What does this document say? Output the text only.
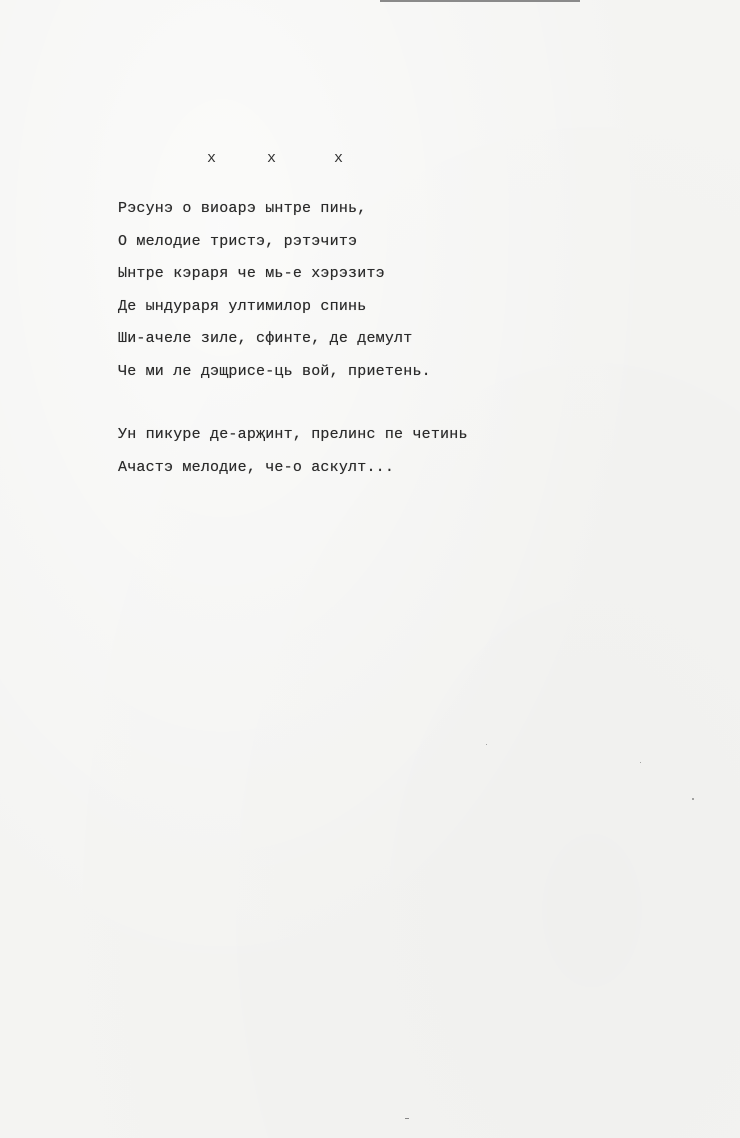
x	x	x
Рэсунэ о виоарэ ынтре пинь,
О мелодие тристэ, рэтэчитэ
Ынтре кэраря че мь-е хэрэзитэ
Де ындураря ултимилор спинь
Ши-ачеле зиле, сфинте, де демулт
Че ми ле дэщрисе-ць вой, приетень.
Ун пикуре де-арҗинт, прелинс пе четинь
Ачастэ мелодие, че-о аскулт...
